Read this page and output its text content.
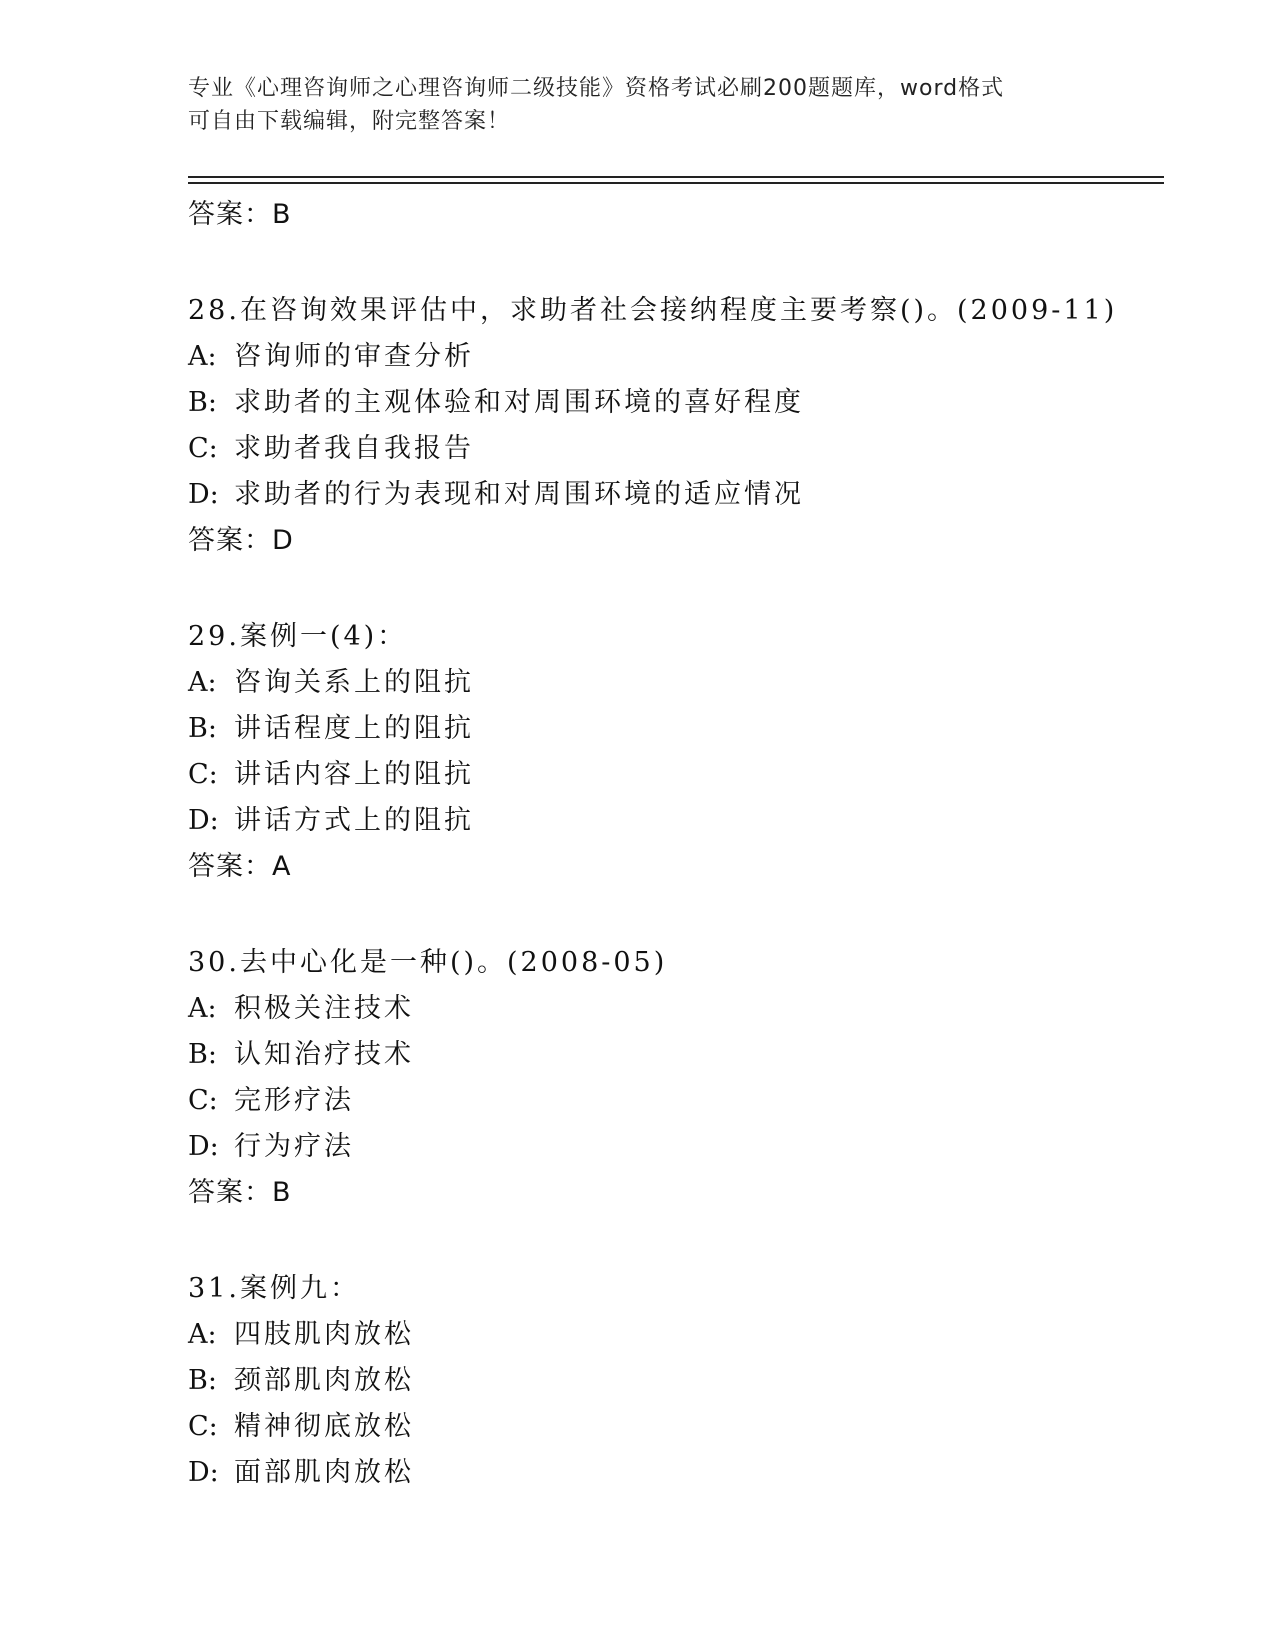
专业《心理咨询师之心理咨询师二级技能》资格考试必刷200题题库，word格式
可自由下载编辑，附完整答案！
答案：B
28.在咨询效果评估中，求助者社会接纳程度主要考察()。(2009-11)
A: 咨询师的审查分析
B: 求助者的主观体验和对周围环境的喜好程度
C: 求助者我自我报告
D: 求助者的行为表现和对周围环境的适应情况
答案：D
29.案例一(4)：
A: 咨询关系上的阻抗
B: 讲话程度上的阻抗
C: 讲话内容上的阻抗
D: 讲话方式上的阻抗
答案：A
30.去中心化是一种()。(2008-05)
A: 积极关注技术
B: 认知治疗技术
C: 完形疗法
D: 行为疗法
答案：B
31.案例九：
A: 四肢肌肉放松
B: 颈部肌肉放松
C: 精神彻底放松
D: 面部肌肉放松
